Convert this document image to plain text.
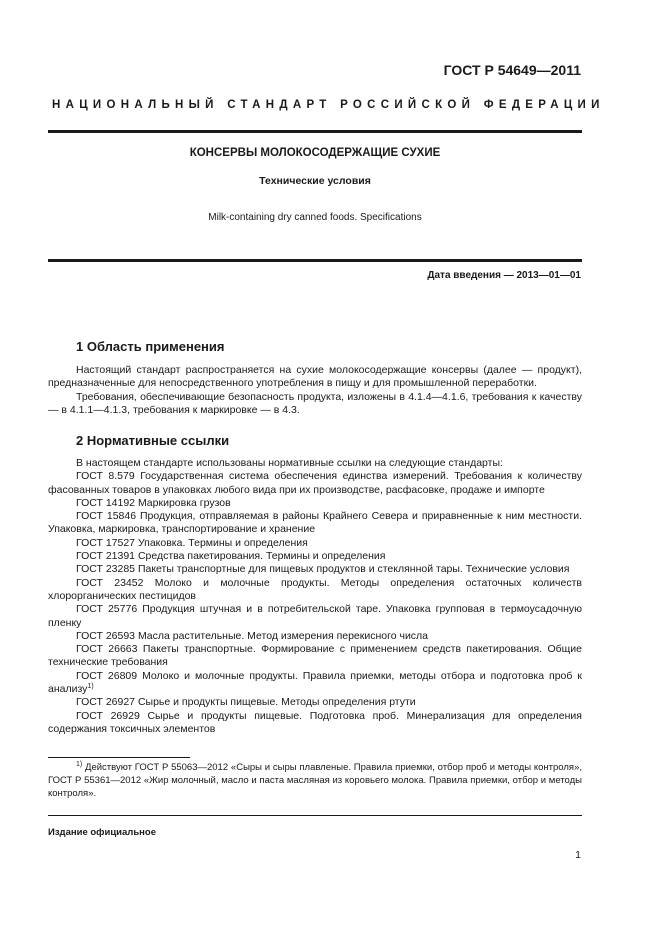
ГОСТ Р 54649—2011
НАЦИОНАЛЬНЫЙ СТАНДАРТ РОССИЙСКОЙ ФЕДЕРАЦИИ
КОНСЕРВЫ МОЛОКОСОДЕРЖАЩИЕ СУХИЕ
Технические условия
Milk-containing dry canned foods. Specifications
Дата введения — 2013—01—01
1 Область применения

Настоящий стандарт распространяется на сухие молокосодержащие консервы (далее — продукт), предназначенные для непосредственного употребления в пищу и для промышленной переработки.

Требования, обеспечивающие безопасность продукта, изложены в 4.1.4—4.1.6, требования к качеству — в 4.1.1—4.1.3, требования к маркировке — в 4.3.

2 Нормативные ссылки

В настоящем стандарте использованы нормативные ссылки на следующие стандарты:

ГОСТ 8.579 Государственная система обеспечения единства измерений. Требования к количеству фасованных товаров в упаковках любого вида при их производстве, расфасовке, продаже и импорте

ГОСТ 14192 Маркировка грузов

ГОСТ 15846 Продукция, отправляемая в районы Крайнего Севера и приравненные к ним местности. Упаковка, маркировка, транспортирование и хранение

ГОСТ 17527 Упаковка. Термины и определения

ГОСТ 21391 Средства пакетирования. Термины и определения

ГОСТ 23285 Пакеты транспортные для пищевых продуктов и стеклянной тары. Технические условия

ГОСТ 23452 Молоко и молочные продукты. Методы определения остаточных количеств хлорорганических пестицидов

ГОСТ 25776 Продукция штучная и в потребительской таре. Упаковка групповая в термоусадочную пленку

ГОСТ 26593 Масла растительные. Метод измерения перекисного числа

ГОСТ 26663 Пакеты транспортные. Формирование с применением средств пакетирования. Общие технические требования

ГОСТ 26809 Молоко и молочные продукты. Правила приемки, методы отбора и подготовка проб к анализу$^{1)}$

ГОСТ 26927 Сырье и продукты пищевые. Методы определения ртути

ГОСТ 26929 Сырье и продукты пищевые. Подготовка проб. Минерализация для определения содержания токсичных элементов

$^{1)}$ Действуют ГОСТ Р 55063—2012 «Сыры и сыры плавленые. Правила приемки, отбор проб и методы контроля», ГОСТ Р 55361—2012 «Жир молочный, масло и паста масляная из коровьего молока. Правила приемки, отбор и методы контроля».

Издание официальное
1
